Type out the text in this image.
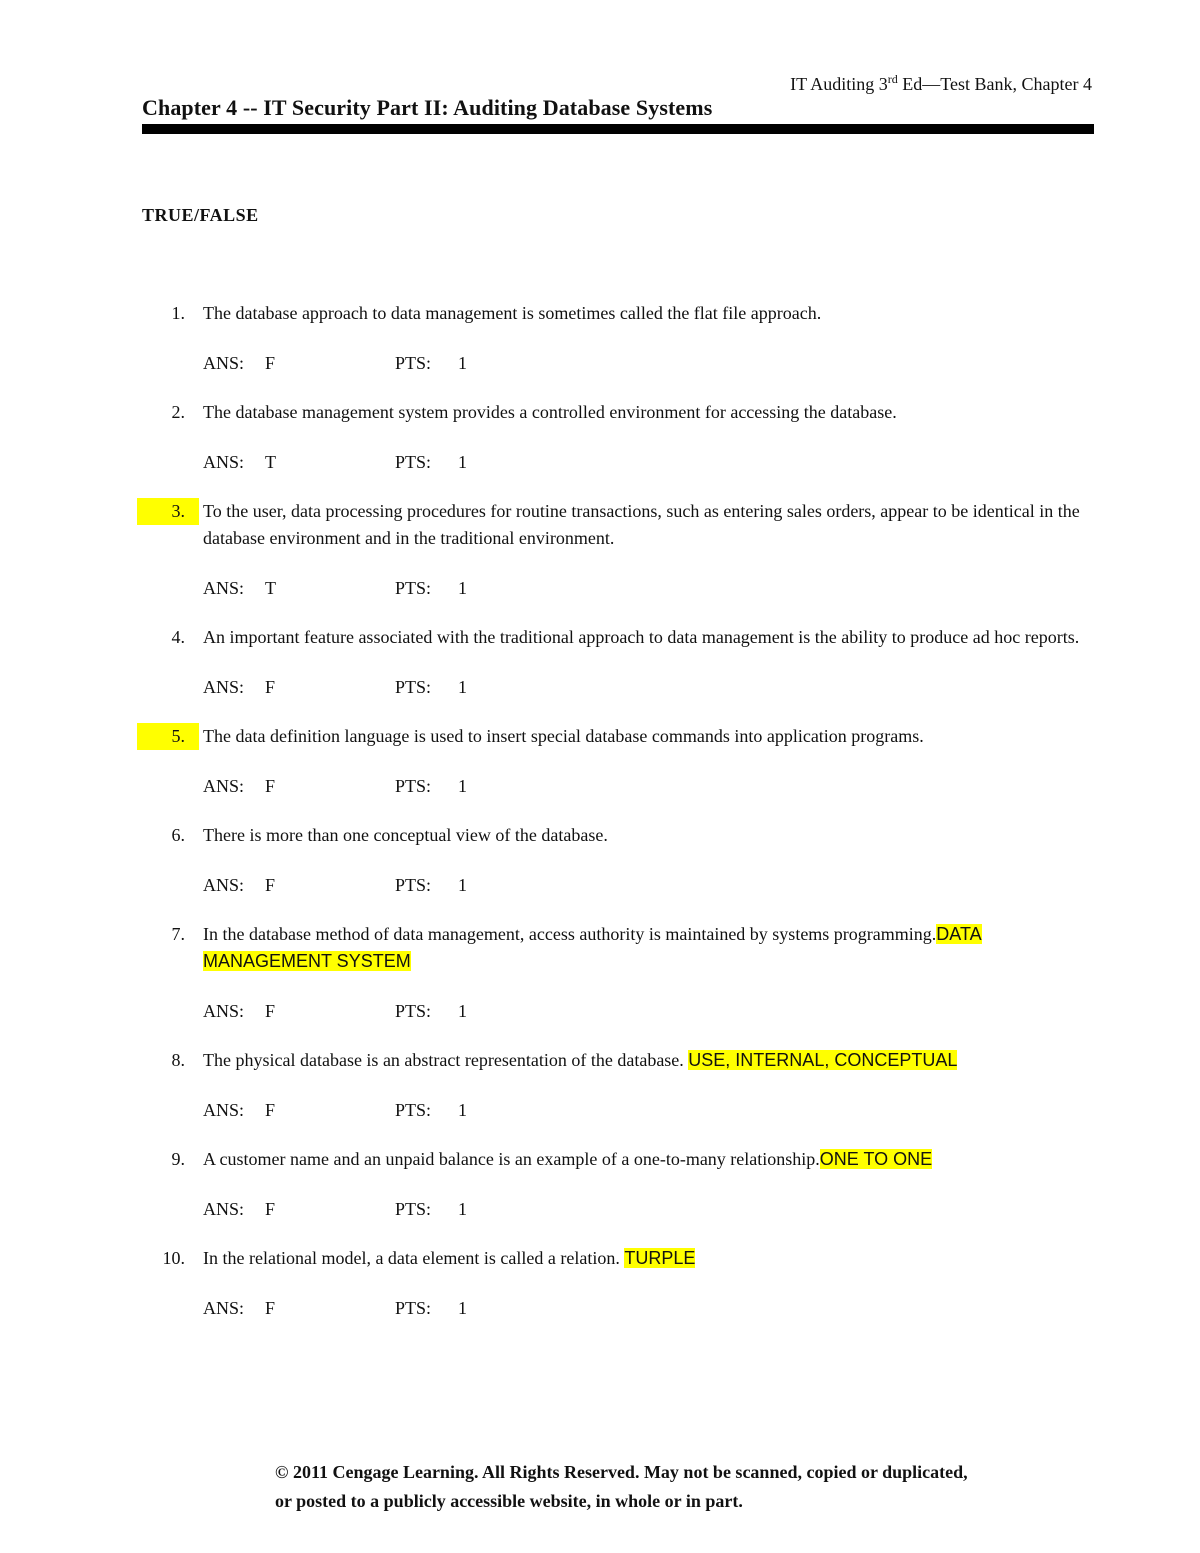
IT Auditing 3rd Ed—Test Bank, Chapter 4
Chapter 4 -- IT Security Part II: Auditing Database Systems
TRUE/FALSE
1. The database approach to data management is sometimes called the flat file approach.
ANS: F	PTS: 1
2. The database management system provides a controlled environment for accessing the database.
ANS: T	PTS: 1
3.	To the user, data processing procedures for routine transactions, such as entering sales orders, appear to be identical in the database environment and in the traditional environment.
ANS: T	PTS: 1
4. An important feature associated with the traditional approach to data management is the ability to produce ad hoc reports.
ANS: F	PTS: 1
5.	The data definition language is used to insert special database commands into application programs.
ANS: F	PTS: 1
6. There is more than one conceptual view of the database.
ANS: F	PTS: 1
7. In the database method of data management, access authority is maintained by systems programming.DATA MANAGEMENT SYSTEM
ANS: F	PTS: 1
8. The physical database is an abstract representation of the database. USE, INTERNAL, CONCEPTUAL
ANS: F	PTS: 1
9. A customer name and an unpaid balance is an example of a one-to-many relationship.ONE TO ONE
ANS: F	PTS: 1
10. In the relational model, a data element is called a relation. TURPLE
ANS: F	PTS: 1
© 2011 Cengage Learning. All Rights Reserved. May not be scanned, copied or duplicated,
or posted to a publicly accessible website, in whole or in part.
